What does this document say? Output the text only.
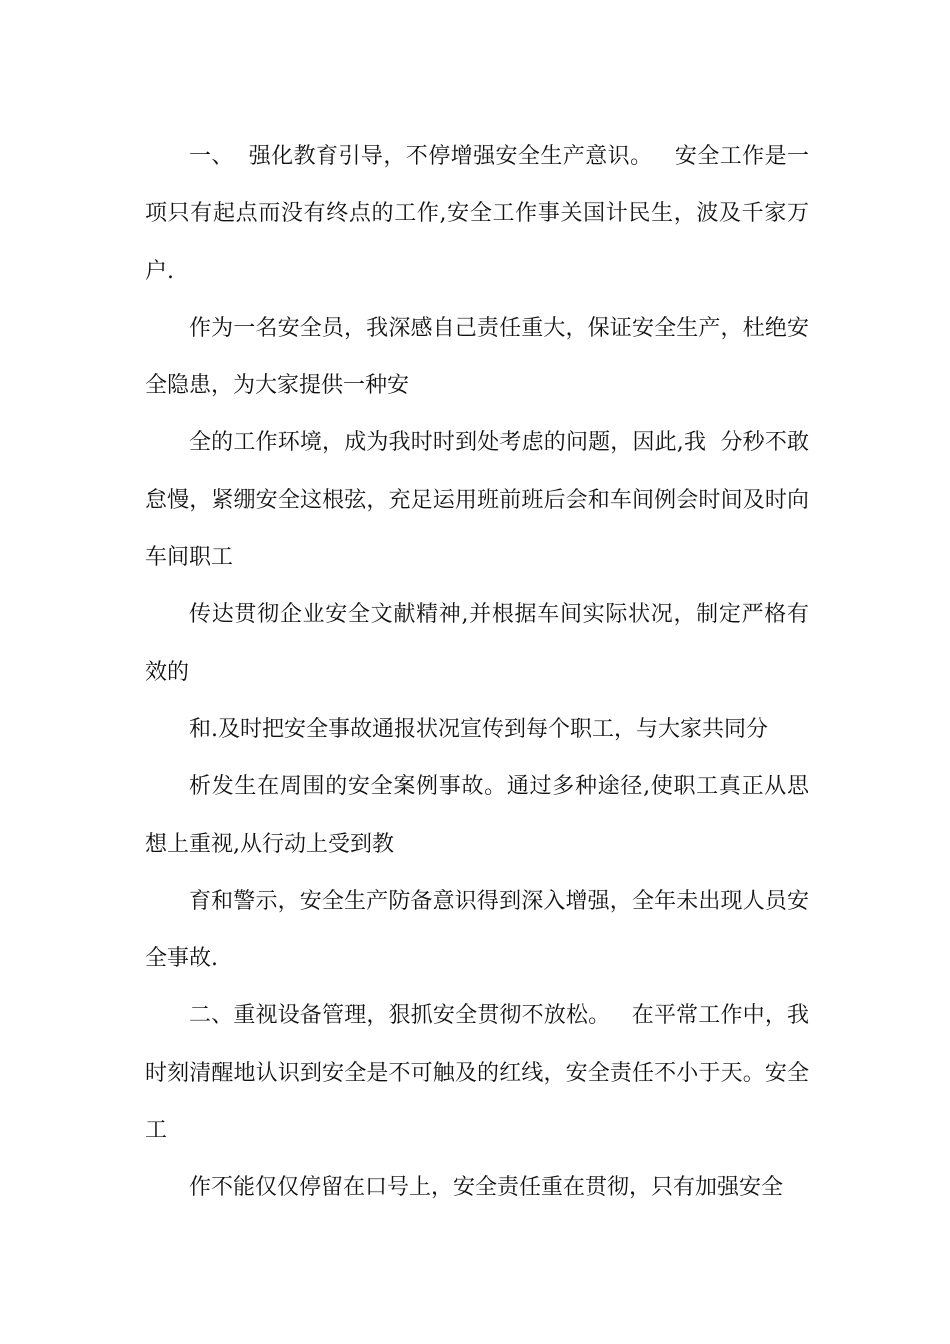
一、  强化教育引导，不停增强安全生产意识。   安全工作是一项只有起点而没有终点的工作,安全工作事关国计民生，波及千家万户.

作为一名安全员，我深感自己责任重大，保证安全生产，杜绝安全隐患，为大家提供一种安

全的工作环境，成为我时时到处考虑的问题，因此,我  分秒不敢怠慢，紧绷安全这根弦，充足运用班前班后会和车间例会时间及时向车间职工

传达贯彻企业安全文献精神,并根据车间实际状况，制定严格有效的

和.及时把安全事故通报状况宣传到每个职工，与大家共同分

析发生在周围的安全案例事故。通过多种途径,使职工真正从思想上重视,从行动上受到教

育和警示，安全生产防备意识得到深入增强，全年未出现人员安全事故.

二、重视设备管理，狠抓安全贯彻不放松。   在平常工作中，我时刻清醒地认识到安全是不可触及的红线，安全责任不小于天。安全工

作不能仅仅停留在口号上，安全责任重在贯彻，只有加强安全
